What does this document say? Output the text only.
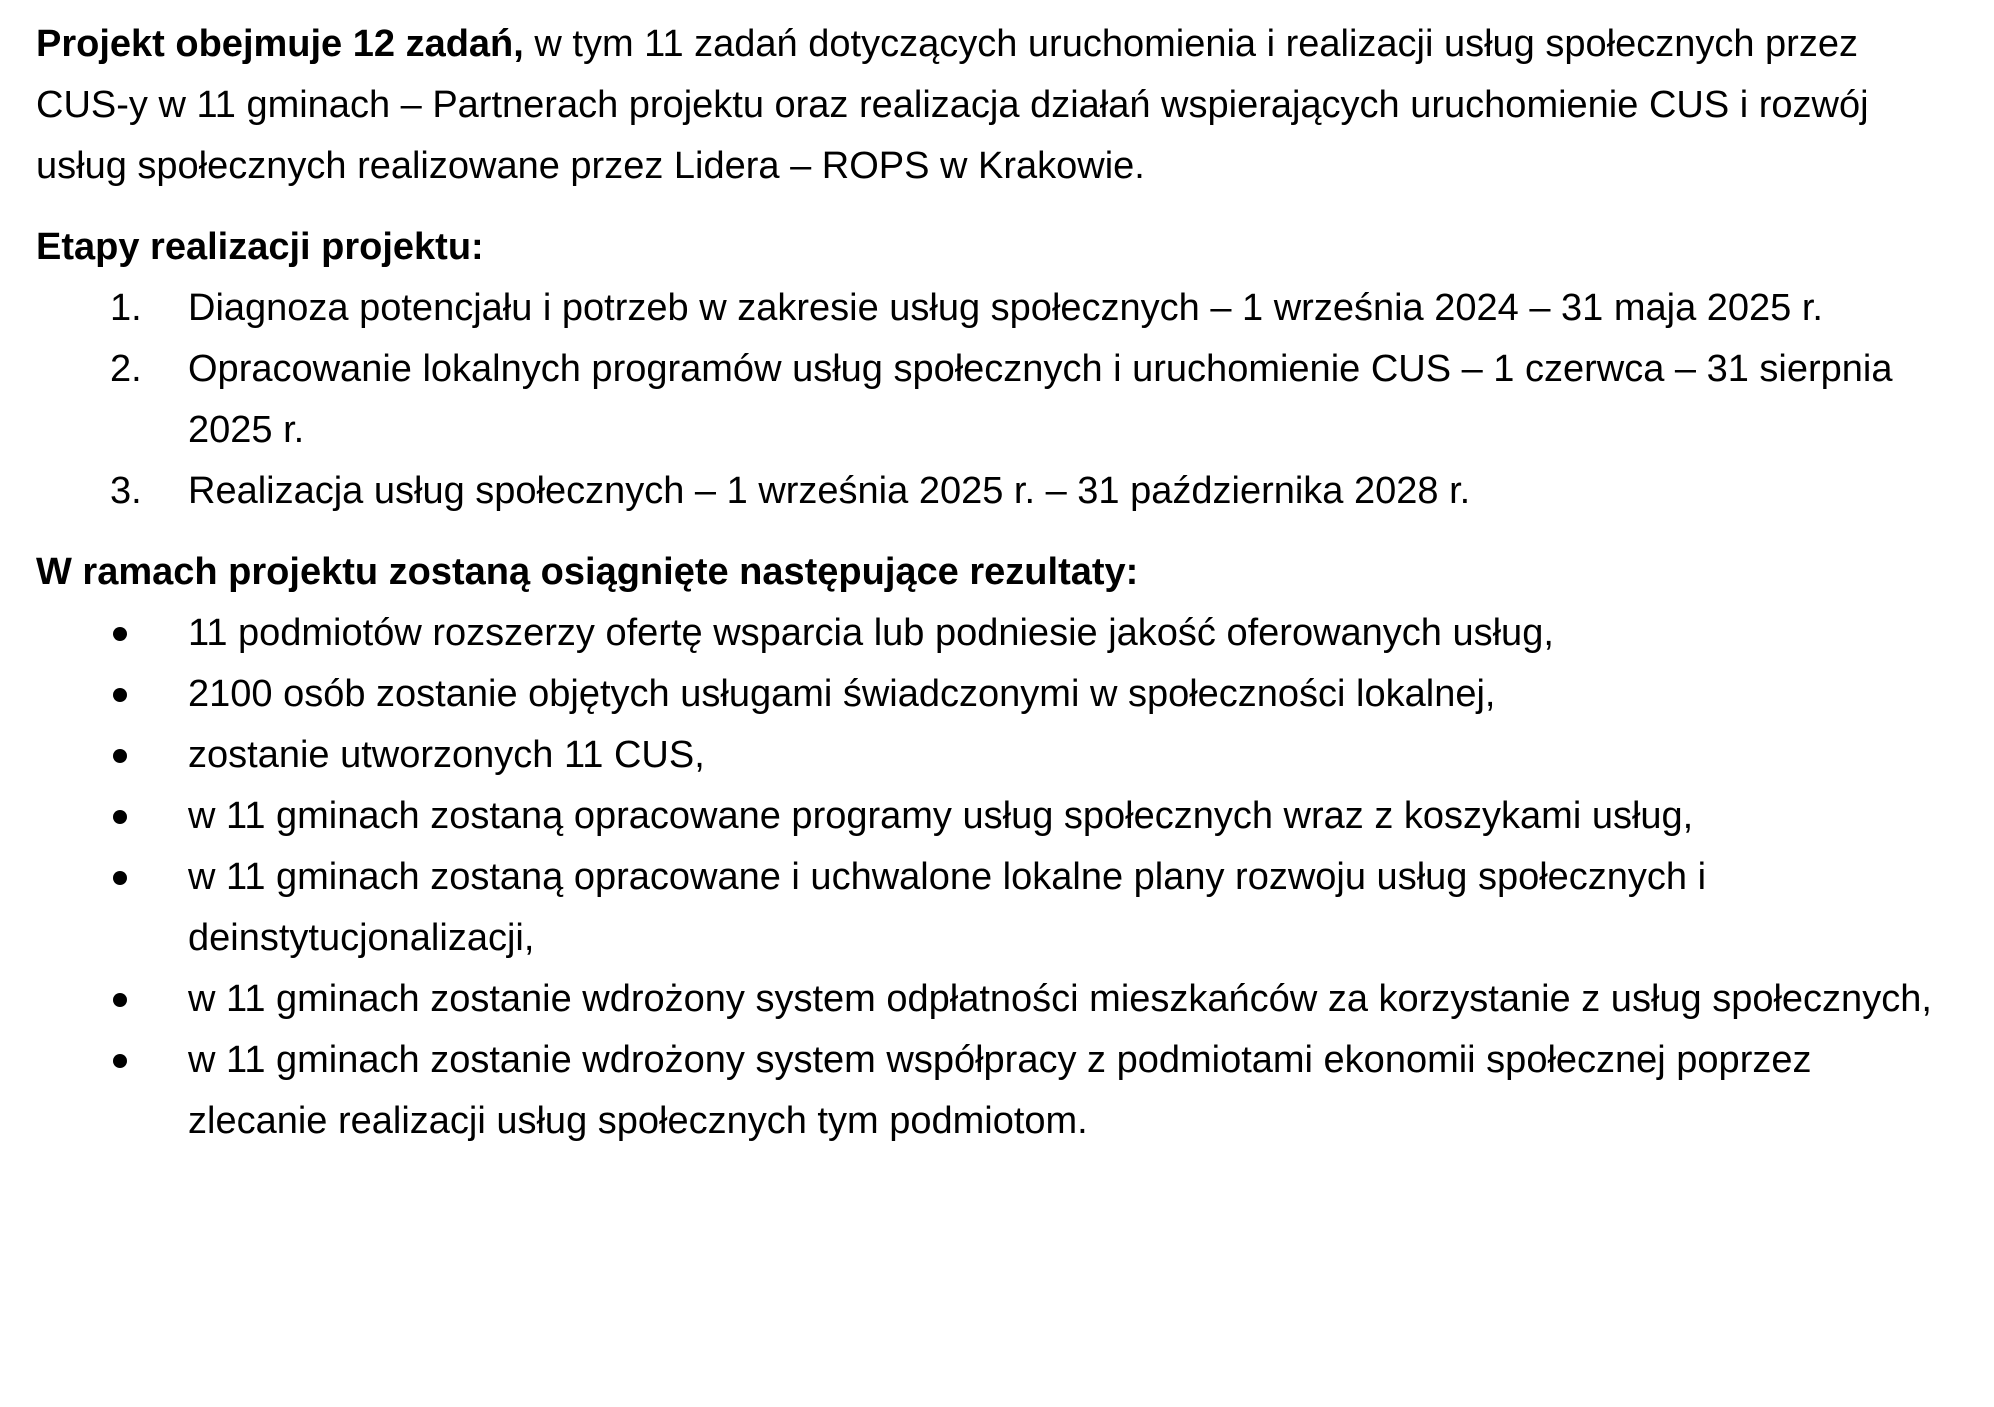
Projekt obejmuje 12 zadań, w tym 11 zadań dotyczących uruchomienia i realizacji usług społecznych przez CUS-y w 11 gminach – Partnerach projektu oraz realizacja działań wspierających uruchomienie CUS i rozwój usług społecznych realizowane przez Lidera – ROPS w Krakowie.

Etapy realizacji projektu:

1. Diagnoza potencjału i potrzeb w zakresie usług społecznych – 1 września 2024 – 31 maja 2025 r.
2. Opracowanie lokalnych programów usług społecznych i uruchomienie CUS – 1 czerwca – 31 sierpnia 2025 r.
3. Realizacja usług społecznych – 1 września 2025 r. – 31 października 2028 r.

W ramach projektu zostaną osiągnięte następujące rezultaty:

11 podmiotów rozszerzy ofertę wsparcia lub podniesie jakość oferowanych usług,
2100 osób zostanie objętych usługami świadczonymi w społeczności lokalnej,
zostanie utworzonych 11 CUS,
w 11 gminach zostaną opracowane programy usług społecznych wraz z koszykami usług,
w 11 gminach zostaną opracowane i uchwalone lokalne plany rozwoju usług społecznych i deinstytucjonalizacji,
w 11 gminach zostanie wdrożony system odpłatności mieszkańców za korzystanie z usług społecznych,
w 11 gminach zostanie wdrożony system współpracy z podmiotami ekonomii społecznej poprzez zlecanie realizacji usług społecznych tym podmiotom.
